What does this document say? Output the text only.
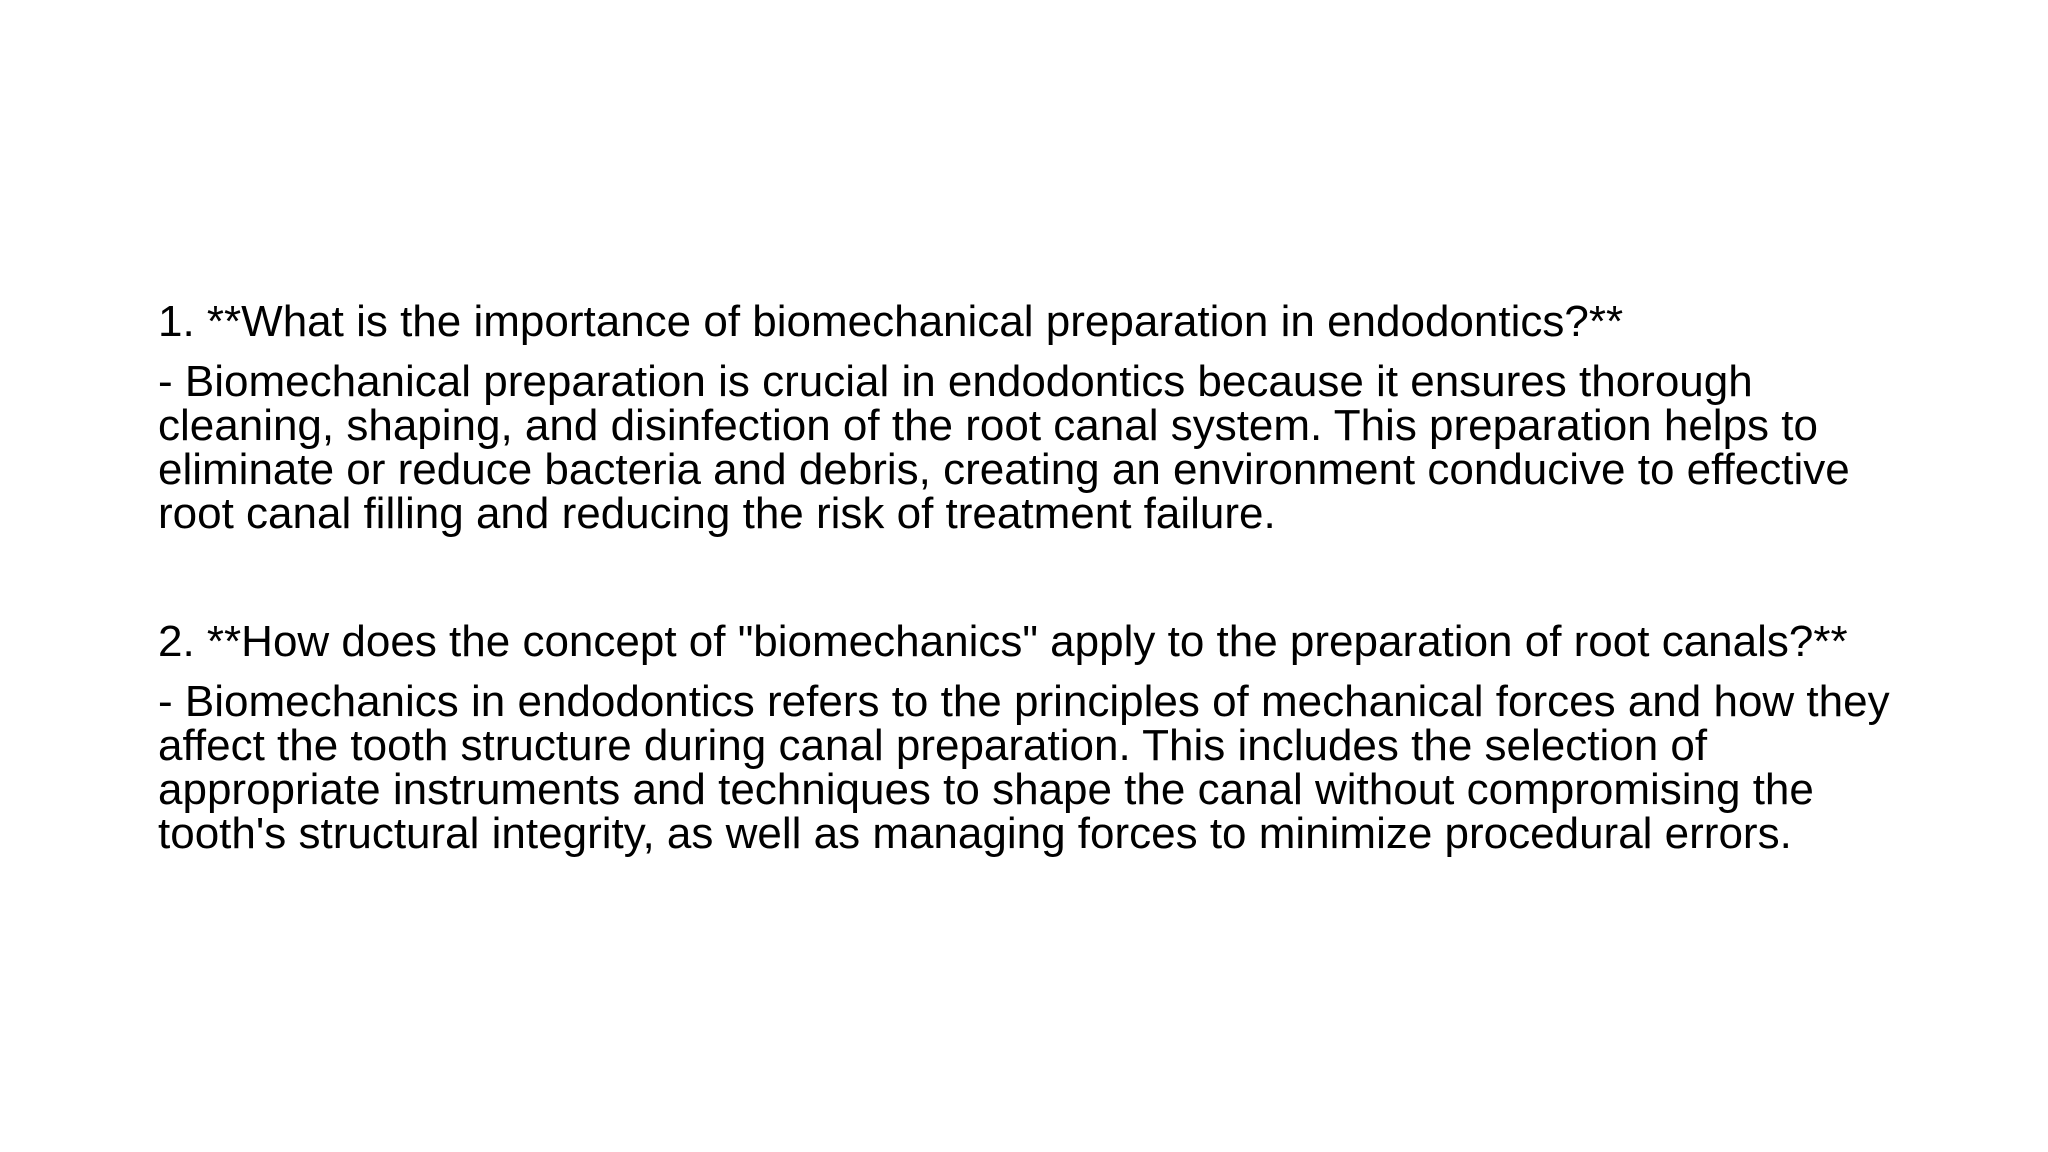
1. **What is the importance of biomechanical preparation in endodontics?**

- Biomechanical preparation is crucial in endodontics because it ensures thorough cleaning, shaping, and disinfection of the root canal system. This preparation helps to eliminate or reduce bacteria and debris, creating an environment conducive to effective root canal filling and reducing the risk of treatment failure.

2. **How does the concept of "biomechanics" apply to the preparation of root canals?**

- Biomechanics in endodontics refers to the principles of mechanical forces and how they affect the tooth structure during canal preparation. This includes the selection of appropriate instruments and techniques to shape the canal without compromising the tooth's structural integrity, as well as managing forces to minimize procedural errors.
